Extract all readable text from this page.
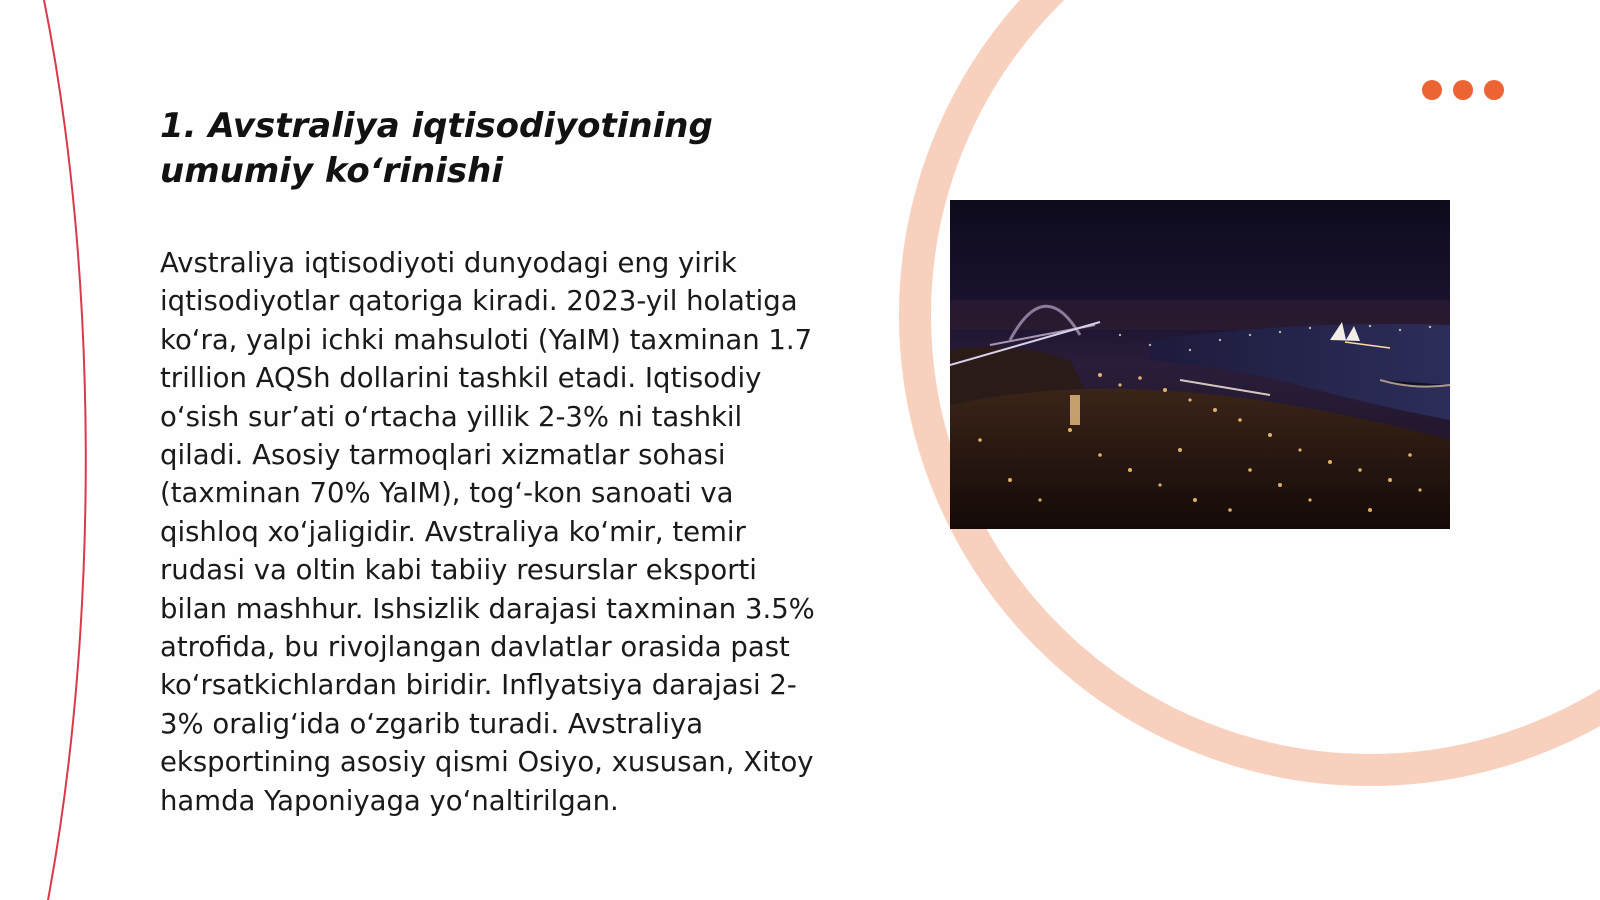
1. Avstraliya iqtisodiyotining umumiy ko‘rinishi

Avstraliya iqtisodiyoti dunyodagi eng yirik iqtisodiyotlar qatoriga kiradi. 2023-yil holatiga ko‘ra, yalpi ichki mahsuloti (YaIM) taxminan 1.7 trillion AQSh dollarini tashkil etadi. Iqtisodiy o‘sish sur’ati o‘rtacha yillik 2-3% ni tashkil qiladi. Asosiy tarmoqlari xizmatlar sohasi (taxminan 70% YaIM), tog‘-kon sanoati va qishloq xo‘jaligidir. Avstraliya ko‘mir, temir rudasi va oltin kabi tabiiy resurslar eksporti bilan mashhur. Ishsizlik darajasi taxminan 3.5% atrofida, bu rivojlangan davlatlar orasida past ko‘rsatkichlardan biridir. Inflyatsiya darajasi 2-3% oralig‘ida o‘zgarib turadi. Avstraliya eksportining asosiy qismi Osiyo, xususan, Xitoy hamda Yaponiyaga yo‘naltirilgan.
